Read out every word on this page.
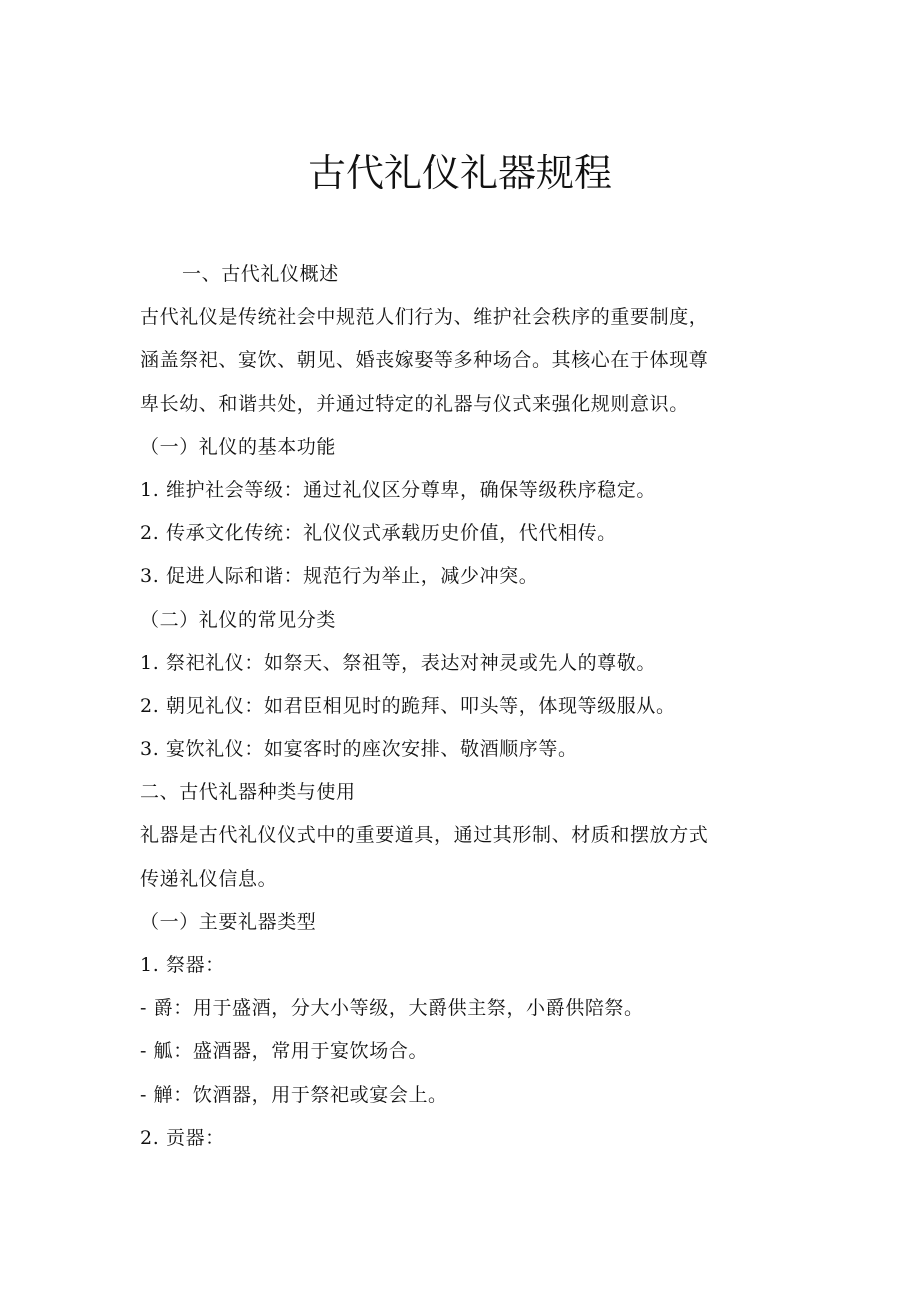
古代礼仪礼器规程

一、古代礼仪概述

古代礼仪是传统社会中规范人们行为、维护社会秩序的重要制度，

涵盖祭祀、宴饮、朝见、婚丧嫁娶等多种场合。其核心在于体现尊

卑长幼、和谐共处，并通过特定的礼器与仪式来强化规则意识。

（一）礼仪的基本功能

1. 维护社会等级：通过礼仪区分尊卑，确保等级秩序稳定。

2. 传承文化传统：礼仪仪式承载历史价值，代代相传。

3. 促进人际和谐：规范行为举止，减少冲突。

（二）礼仪的常见分类

1. 祭祀礼仪：如祭天、祭祖等，表达对神灵或先人的尊敬。

2. 朝见礼仪：如君臣相见时的跪拜、叩头等，体现等级服从。

3. 宴饮礼仪：如宴客时的座次安排、敬酒顺序等。

二、古代礼器种类与使用

礼器是古代礼仪仪式中的重要道具，通过其形制、材质和摆放方式

传递礼仪信息。

（一）主要礼器类型

1. 祭器：

- 爵：用于盛酒，分大小等级，大爵供主祭，小爵供陪祭。

- 觚：盛酒器，常用于宴饮场合。

- 觯：饮酒器，用于祭祀或宴会上。

2. 贡器：
